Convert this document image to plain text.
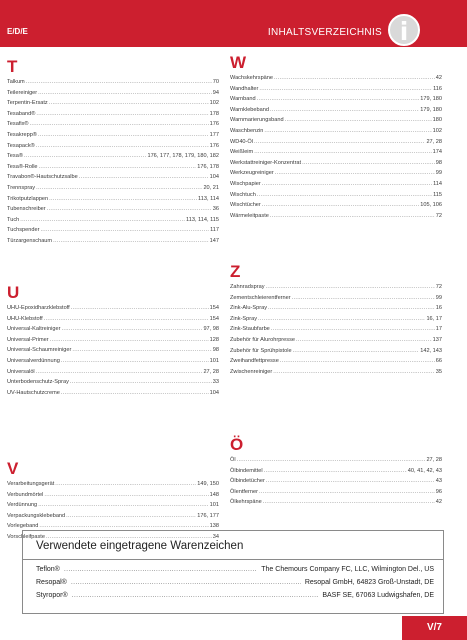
E/D/E	INHALTSVERZEICHNIS i
T
Talkum .....	70
Teilereiniger .....	94
Terpentin-Ersatz .....	102
Tesaband® .....	178
Tesafix® .....	176
Tesakrepp® .....	177
Tesapack® .....	176
Tesa® .....	176, 177, 178, 179, 180, 182
Tesa®-Rolle .....	176, 178
Travabon®-Hautschutzsalbe .....	104
Trennspray .....	20, 21
Trikotputzlappen .....	113, 114
Tubenschreiber .....	36
Tuch .....	113, 114, 115
Tuchspender .....	117
Türzargenschaum .....	147
U
UHU-Epoxidharzklebstoff .....	154
UHU-Klebstoff .....	154
Universal-Kaltreiniger .....	97, 98
Universal-Primer .....	128
Universal-Schaumreiniger .....	98
Universalverdünnung .....	101
Universalöl .....	27, 28
Unterbodenschutz-Spray .....	33
UV-Hautschutzcreme .....	104
V
Verarbeitungsgerät .....	149, 150
Verbundmörtel .....	148
Verdünnung .....	101
Verpackungsklebeband .....	176, 177
Vorlegeband .....	138
Vorschleifpaste .....	34
W
Wachskehrspäne .....	42
Wandhalter .....	116
Warnband .....	179, 180
Warnklebeband .....	179, 180
Warnmarierungsband .....	180
Waschbenzin .....	102
WD40-Öl .....	27, 28
Weißleim .....	174
Werkstattreiniger-Konzentrat .....	98
Werkzeugreiniger .....	99
Wischpapier .....	114
Wischtuch .....	115
Wischtücher .....	105, 106
Wärmeleitpaste .....	72
Z
Zahnradspray .....	72
Zementschleierentferner .....	99
Zink-Alu-Spray .....	16
Zink-Spray .....	16, 17
Zink-Staubfarbe .....	17
Zubehör für Alurohrpresse .....	137
Zubehör für Sprühpistole .....	142, 143
Zweihandfettpresse .....	66
Zwischenreiniger .....	35
Ö
Öl .....	27, 28
Ölbindemittel .....	40, 41, 42, 43
Ölbindetücher .....	43
Ölentferner .....	96
Ölkehrspäne .....	42
Verwendete eingetragene Warenzeichen
Teflon® .....	The Chemours Company FC, LLC, Wilmington Del., US
Resopal® .....	Resopal GmbH, 64823 Groß-Unstadt, DE
Styropor® .....	BASF SE, 67063 Ludwigshafen, DE
V/7
